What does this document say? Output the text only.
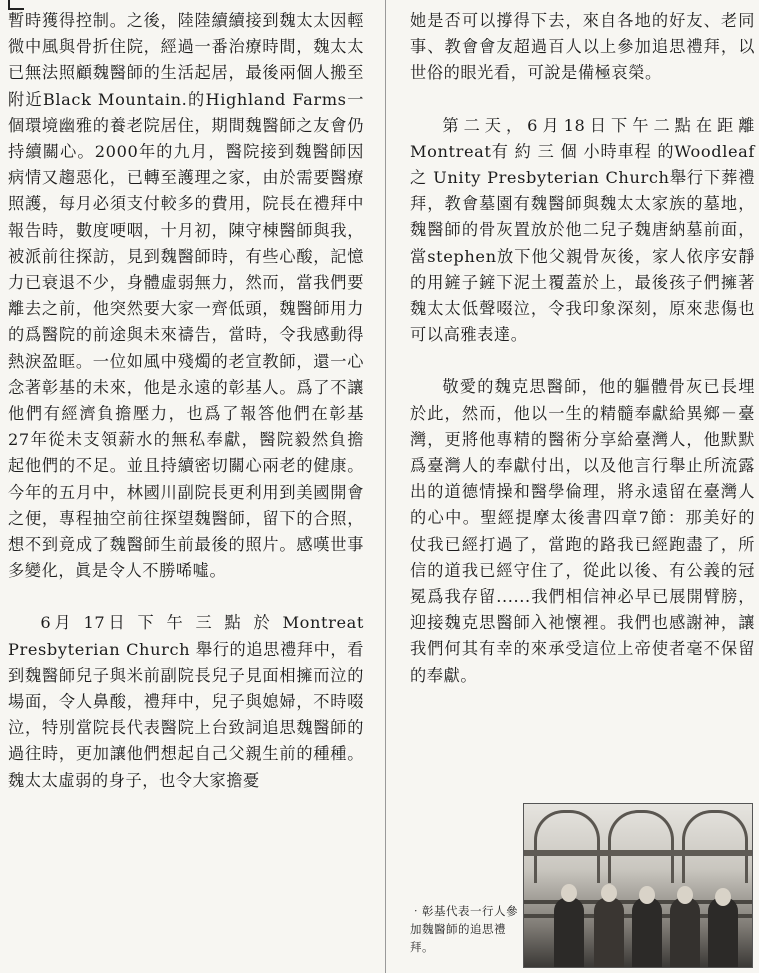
暫時獲得控制。之後，陸陸續續接到魏太太因輕微中風與骨折住院，經過一番治療時間，魏太太已無法照顧魏醫師的生活起居，最後兩個人搬至附近Black Mountain.的Highland Farms一個環境幽雅的養老院居住，期間魏醫師之友會仍持續關心。2000年的九月，醫院接到魏醫師因病情又趨惡化，已轉至護理之家，由於需要醫療照護，每月必須支付較多的費用，院長在禮拜中報告時，數度哽咽，十月初，陳守棟醫師與我，被派前往探訪，見到魏醫師時，有些心酸，記憶力已衰退不少，身體虛弱無力，然而，當我們要離去之前，他突然要大家一齊低頭，魏醫師用力的爲醫院的前途與未來禱告，當時，令我感動得熱淚盈眶。一位如風中殘燭的老宣教師，還一心念著彰基的未來，他是永遠的彰基人。爲了不讓他們有經濟負擔壓力，也爲了報答他們在彰基27年從未支領薪水的無私奉獻，醫院毅然負擔起他們的不足。並且持續密切關心兩老的健康。今年的五月中，林國川副院長更利用到美國開會之便，專程抽空前往探望魏醫師，留下的合照，想不到竟成了魏醫師生前最後的照片。感嘆世事多變化，眞是令人不勝唏噓。

6月 17日 下 午 三 點 於 Montreat Presbyterian Church 舉行的追思禮拜中，看到魏醫師兒子與米前副院長兒子見面相擁而泣的場面，令人鼻酸，禮拜中，兒子與媳婦，不時啜泣，特別當院長代表醫院上台致詞追思魏醫師的過往時，更加讓他們想起自己父親生前的種種。魏太太虛弱的身子，也令大家擔憂

她是否可以撐得下去，來自各地的好友、老同事、教會會友超過百人以上參加追思禮拜，以世俗的眼光看，可說是備極哀榮。

第二天，6月18日下午二點在距離Montreat有 約 三 個 小時車程 的Woodleaf之 Unity Presbyterian Church舉行下葬禮拜，教會墓園有魏醫師與魏太太家族的墓地，魏醫師的骨灰置放於他二兒子魏唐納墓前面，當stephen放下他父親骨灰後，家人依序安靜的用鏟子鏟下泥土覆蓋於上，最後孩子們擁著魏太太低聲啜泣，令我印象深刻，原來悲傷也可以高雅表達。

敬愛的魏克思醫師，他的軀體骨灰已長埋於此，然而，他以一生的精髓奉獻給異鄉－臺灣，更將他專精的醫術分享給臺灣人，他默默爲臺灣人的奉獻付出，以及他言行舉止所流露出的道德情操和醫學倫理，將永遠留在臺灣人的心中。聖經提摩太後書四章7節：那美好的仗我已經打過了，當跑的路我已經跑盡了，所信的道我已經守住了，從此以後、有公義的冠冕爲我存留......我們相信神必早已展開臂膀，迎接魏克思醫師入祂懷裡。我們也感謝神，讓我們何其有幸的來承受這位上帝使者毫不保留的奉獻。

‧彰基代表一行人參加魏醫師的追思禮拜。
